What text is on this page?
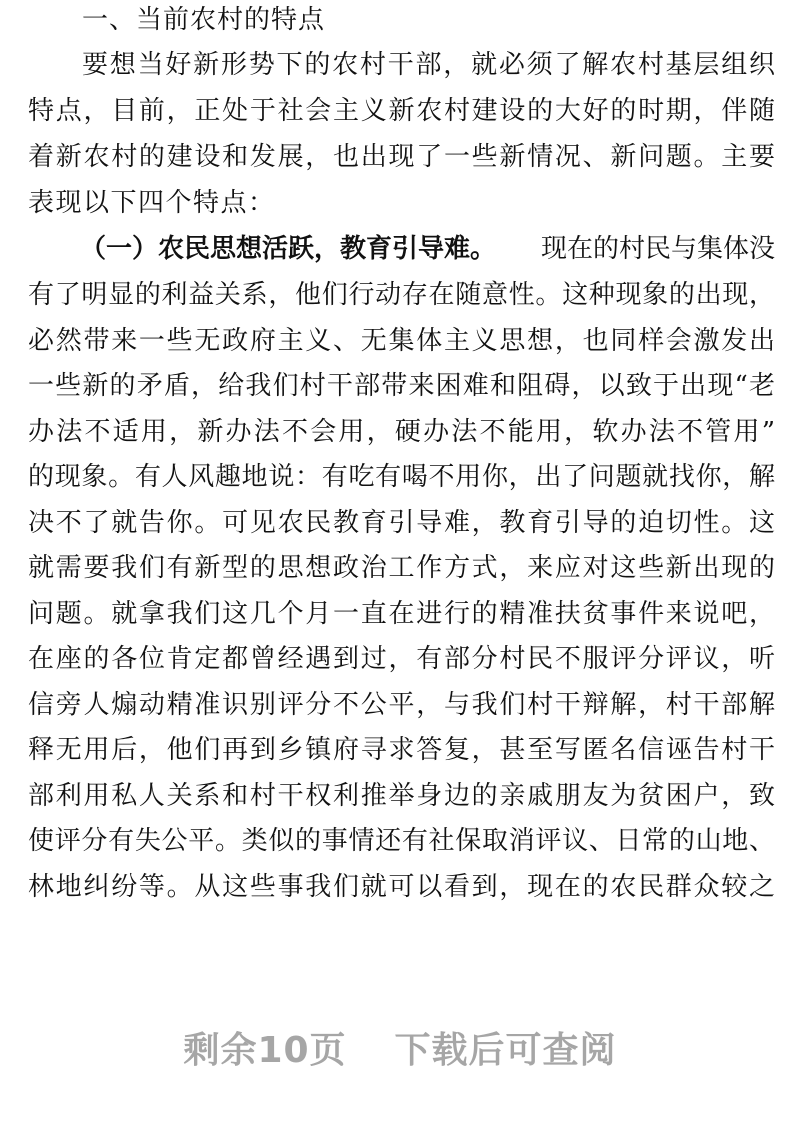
一、当前农村的特点
要想当好新形势下的农村干部，就必须了解农村基层组织
特点，目前，正处于社会主义新农村建设的大好的时期，伴随
着新农村的建设和发展，也出现了一些新情况、新问题。主要
表现以下四个特点：
（一）农民思想活跃，教育引导难。 现在的村民与集体没
有了明显的利益关系，他们行动存在随意性。这种现象的出现，
必然带来一些无政府主义、无集体主义思想，也同样会激发出
一些新的矛盾，给我们村干部带来困难和阻碍，以致于出现“老
办法不适用，新办法不会用，硬办法不能用，软办法不管用”
的现象。有人风趣地说：有吃有喝不用你，出了问题就找你，解
决不了就告你。可见农民教育引导难，教育引导的迫切性。这
就需要我们有新型的思想政治工作方式，来应对这些新出现的
问题。就拿我们这几个月一直在进行的精准扶贫事件来说吧，
在座的各位肯定都曾经遇到过，有部分村民不服评分评议，听
信旁人煽动精准识别评分不公平，与我们村干辩解，村干部解
释无用后，他们再到乡镇府寻求答复，甚至写匿名信诬告村干
部利用私人关系和村干权利推举身边的亲戚朋友为贫困户，致
使评分有失公平。类似的事情还有社保取消评议、日常的山地、
林地纠纷等。从这些事我们就可以看到，现在的农民群众较之
剩余10页 下载后可查阅
